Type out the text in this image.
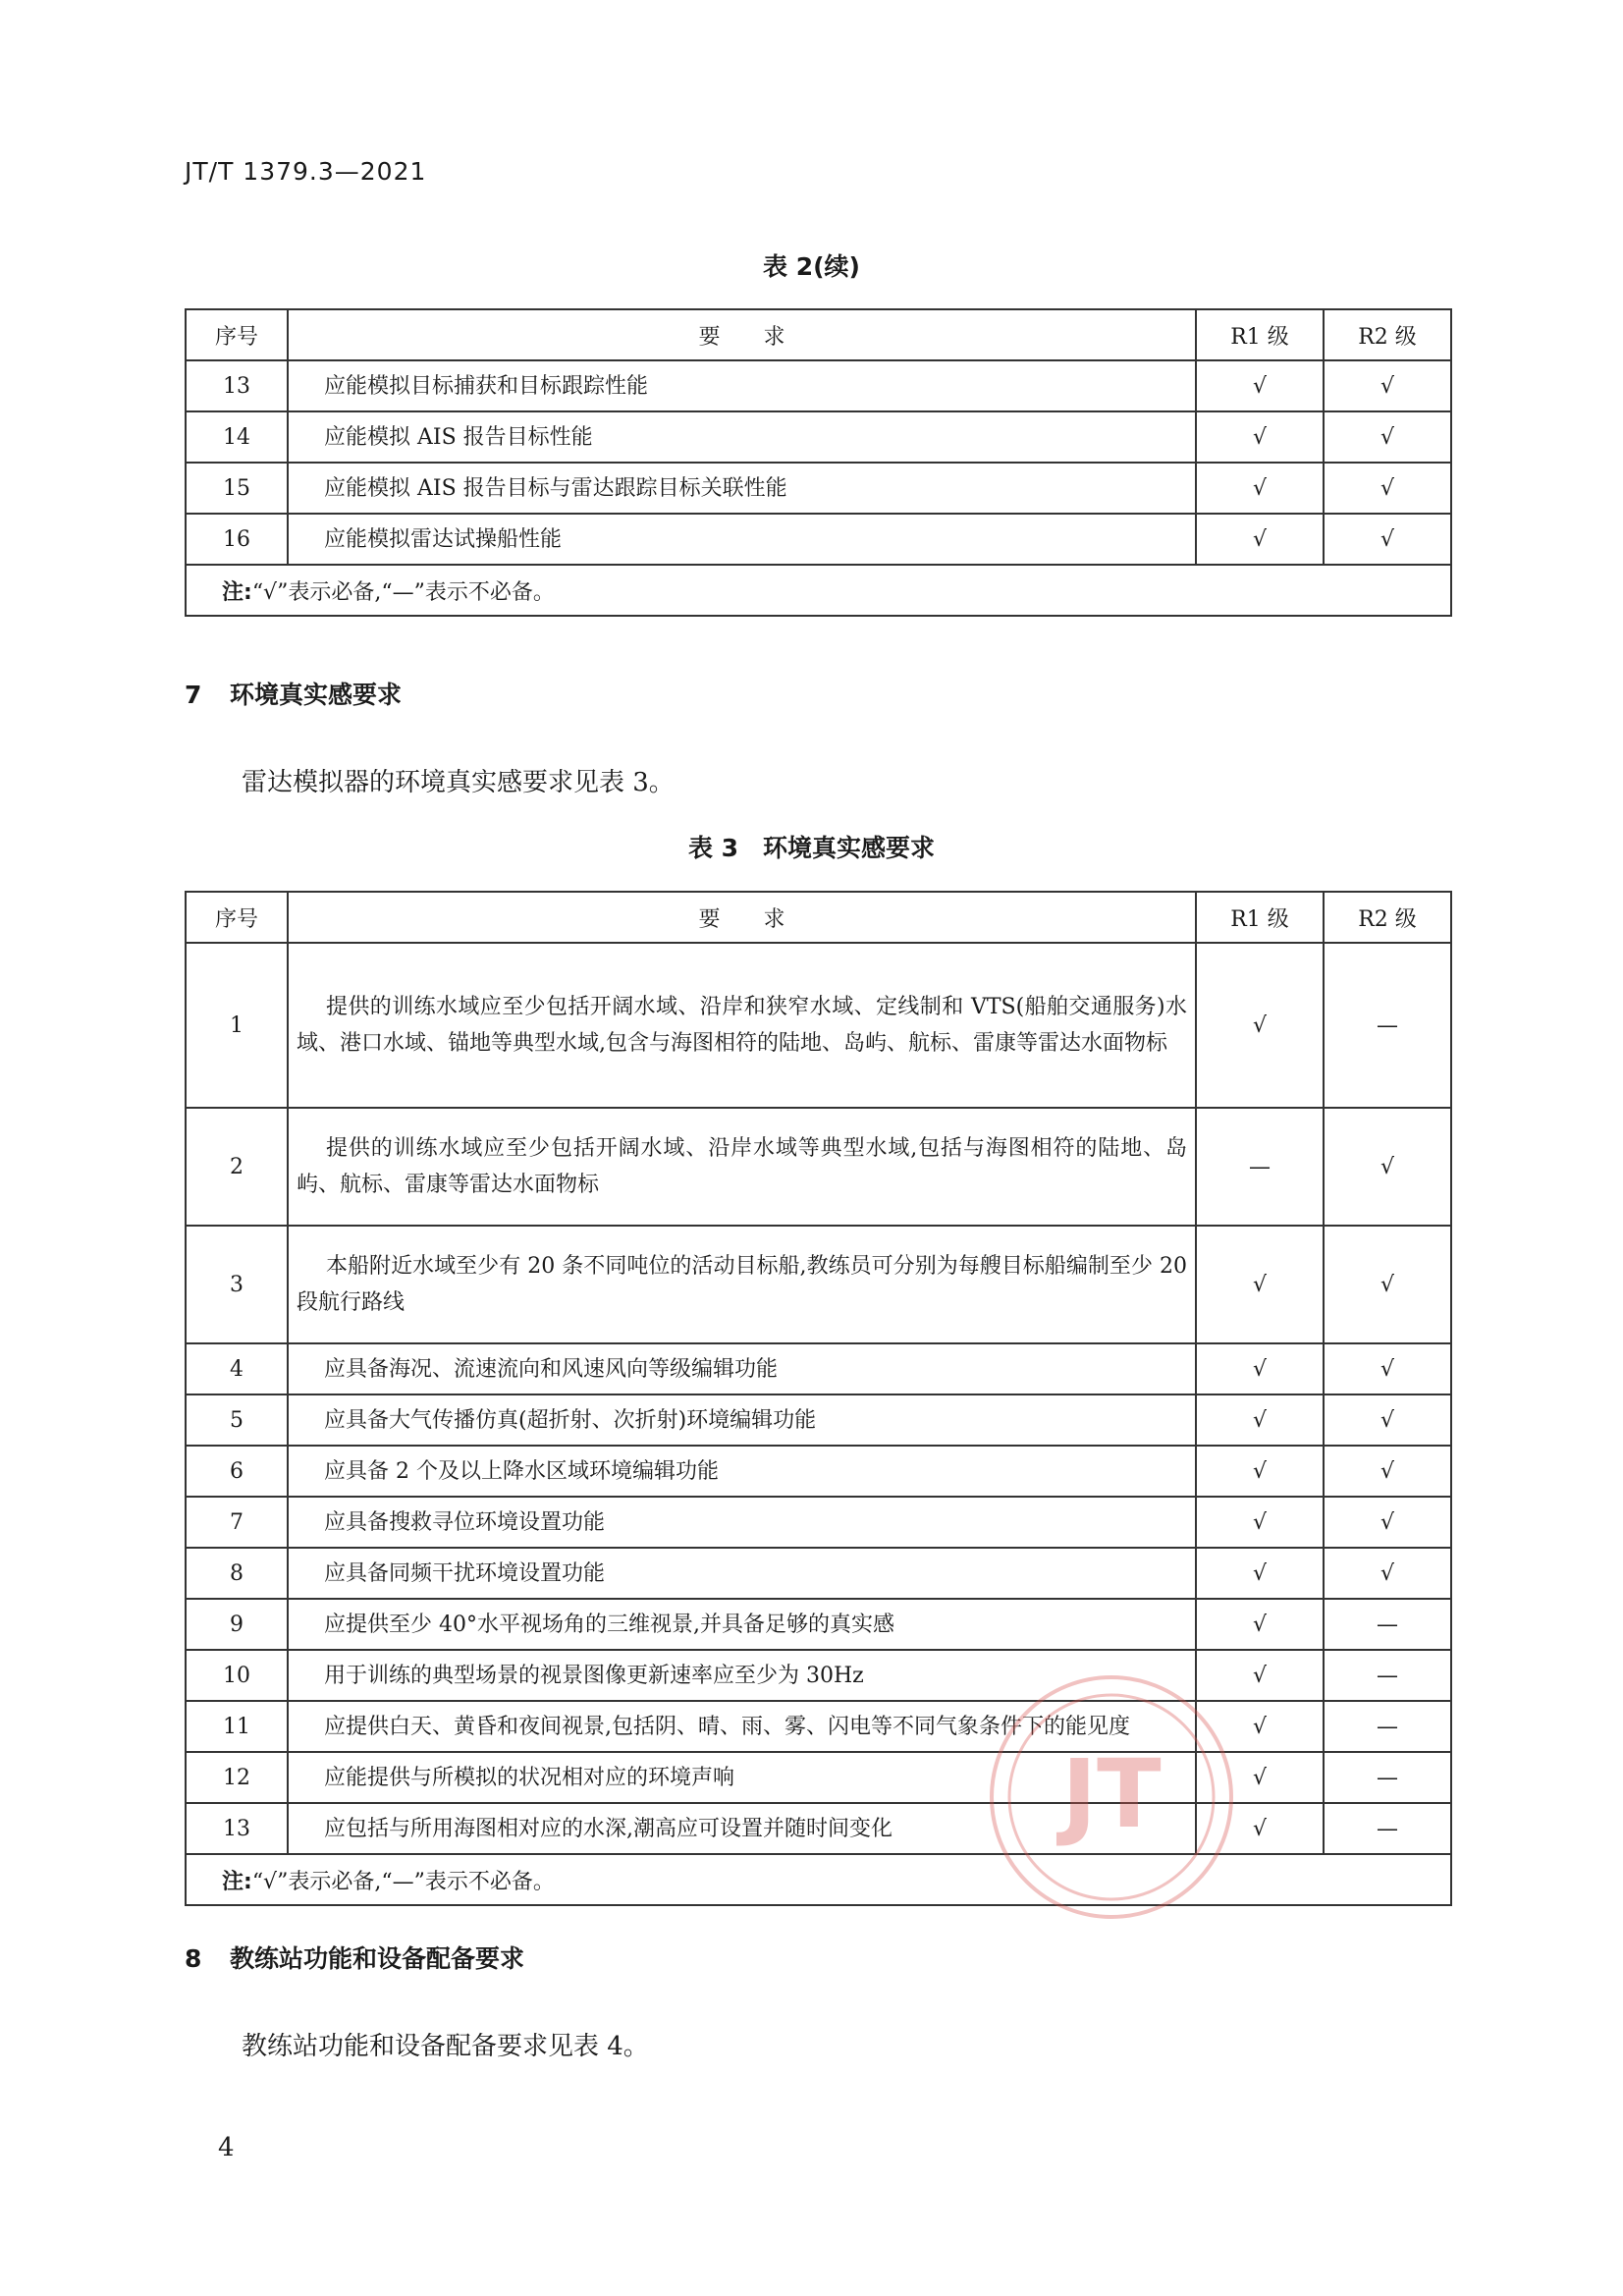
JT/T 1379.3—2021
表 2(续)
序号	要　　求	R1 级	R2 级
13	应能模拟目标捕获和目标跟踪性能	√	√
14	应能模拟 AIS 报告目标性能	√	√
15	应能模拟 AIS 报告目标与雷达跟踪目标关联性能	√	√
16	应能模拟雷达试操船性能	√	√
注:“√”表示必备,“—”表示不必备。			
7 环境真实感要求
雷达模拟器的环境真实感要求见表 3。
表 3　环境真实感要求
序号	要　　求	R1 级	R2 级
1	提供的训练水域应至少包括开阔水域、沿岸和狭窄水域、定线制和 VTS(船舶交通服务)水域、港口水域、锚地等典型水域,包含与海图相符的陆地、岛屿、航标、雷康等雷达水面物标	√	—
2	提供的训练水域应至少包括开阔水域、沿岸水域等典型水域,包括与海图相符的陆地、岛屿、航标、雷康等雷达水面物标	—	√
3	本船附近水域至少有 20 条不同吨位的活动目标船,教练员可分别为每艘目标船编制至少 20 段航行路线	√	√
4	应具备海况、流速流向和风速风向等级编辑功能	√	√
5	应具备大气传播仿真(超折射、次折射)环境编辑功能	√	√
6	应具备 2 个及以上降水区域环境编辑功能	√	√
7	应具备搜救寻位环境设置功能	√	√
8	应具备同频干扰环境设置功能	√	√
9	应提供至少 40°水平视场角的三维视景,并具备足够的真实感	√	—
10	用于训练的典型场景的视景图像更新速率应至少为 30Hz	√	—
11	应提供白天、黄昏和夜间视景,包括阴、晴、雨、雾、闪电等不同气象条件下的能见度	√	—
12	应能提供与所模拟的状况相对应的环境声响	√	—
13	应包括与所用海图相对应的水深,潮高应可设置并随时间变化	√	—
注:“√”表示必备,“—”表示不必备。			
8 教练站功能和设备配备要求
教练站功能和设备配备要求见表 4。
JT
4
